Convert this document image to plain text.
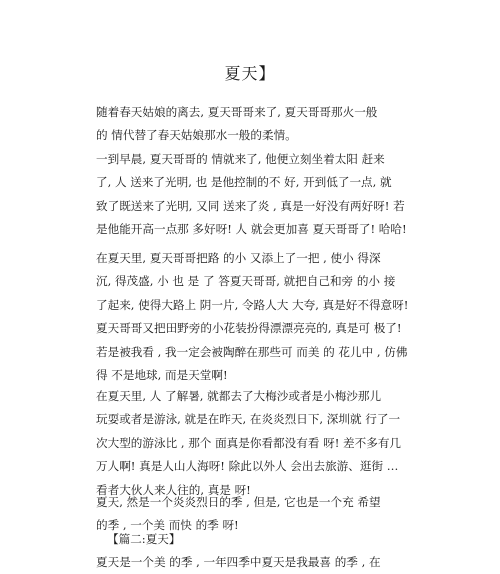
夏天】

随着春天姑娘的离去, 夏天哥哥来了, 夏天哥哥那火一般
的 情代替了春天姑娘那水一般的柔情。

一到早晨, 夏天哥哥的 情就来了, 他便立刻坐着太阳 赶来
了, 人 送来了光明, 也 是他控制的不 好, 开到低了一点, 就
致了既送来了光明, 又同 送来了炎 , 真是一好没有两好呀! 若
是他能开高一点那 多好呀! 人 就会更加喜 夏天哥哥了! 哈哈!

在夏天里, 夏天哥哥把路 的小 又添上了一把 , 使小 得深
沉, 得茂盛, 小 也 是 了 答夏天哥哥, 就把自己和旁 的小 接
了起来, 使得大路上 阴一片, 令路人大 大夸, 真是好不得意呀!
夏天哥哥又把田野旁的小花装扮得漂漂亮亮的, 真是可 极了!
若是被我看 , 我一定会被陶醉在那些可 而美 的 花儿中 , 仿佛
得 不是地球, 而是天堂啊!

在夏天里, 人 了解暑, 就都去了大梅沙或者是小梅沙那儿
玩耍或者是游泳, 就是在昨天, 在炎炎烈日下, 深圳就 行了一
次大型的游泳比 , 那个 面真是你看都没有看 呀! 差不多有几
万人啊! 真是人山人海呀! 除此以外人 会出去旅游、逛街 …
看者大伙人来人往的, 真是 呀!

夏天, 然是一个炎炎烈日的季 , 但是, 它也是一个充 希望
的季 , 一个美 而快 的季 呀!

【篇二:夏天】

夏天是一个美 的季 , 一年四季中夏天是我最喜 的季 , 在
